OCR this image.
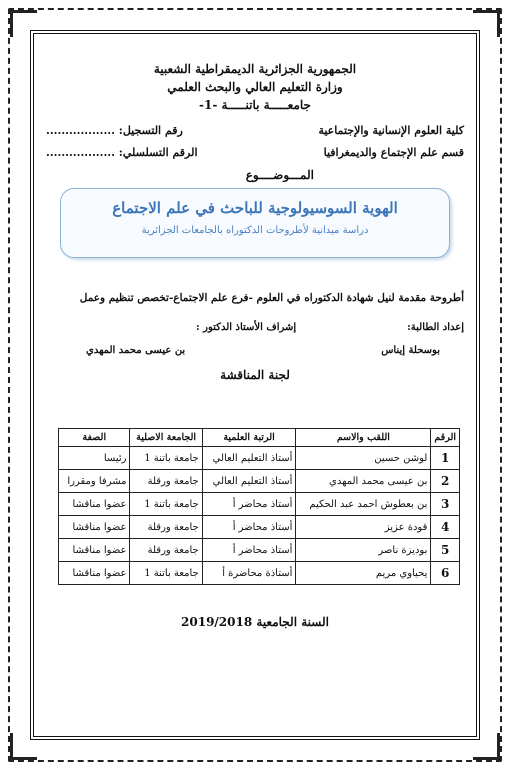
الجمهورية الجزائرية الديمقراطية الشعبية
وزارة التعليم العالي والبحث العلمي
جامعـــــة باتنـــــة -1-
كلية العلوم الإنسانية والإجتماعية
رقم التسجيل: ..................
قسم علم الإجتماع والديمغرافيا
الرقم التسلسلي: ..................
المـــوضــــوع
الهوية السوسيولوجية للباحث في علم الاجتماع
دراسة ميدانية لأطروحات الدكتوراه بالجامعات الجزائرية
أطروحة مقدمة لنيل شهادة الدكتوراه في العلوم -فرع علم الاجتماع-تخصص تنظيم وعمل
إعداد الطالبة:
إشراف الأستاذ الدكتور :
بوسحلة إيناس
بن عيسى محمد المهدي
لجنة المناقشة
الرقم	اللقب والاسم	الرتبة العلمية	الجامعة الاصلية	الصفة
1	لوشن حسين	أستاذ التعليم العالي	جامعة باتنة 1	رئيسا
2	بن عيسى محمد المهدي	أستاذ التعليم العالي	جامعة ورقلة	مشرفا ومقررا
3	بن بعطوش احمد عبد الحكيم	أستاذ محاضر أ	جامعة باتنة 1	عضوا مناقشا
4	قودة عزيز	أستاذ محاضر أ	جامعة ورقلة	عضوا مناقشا
5	بوديزة ناصر	أستاذ محاضر أ	جامعة ورقلة	عضوا مناقشا
6	يحياوي مريم	أستاذة محاضرة أ	جامعة باتنة 1	عضوا مناقشا
السنة الجامعية 2019/2018
